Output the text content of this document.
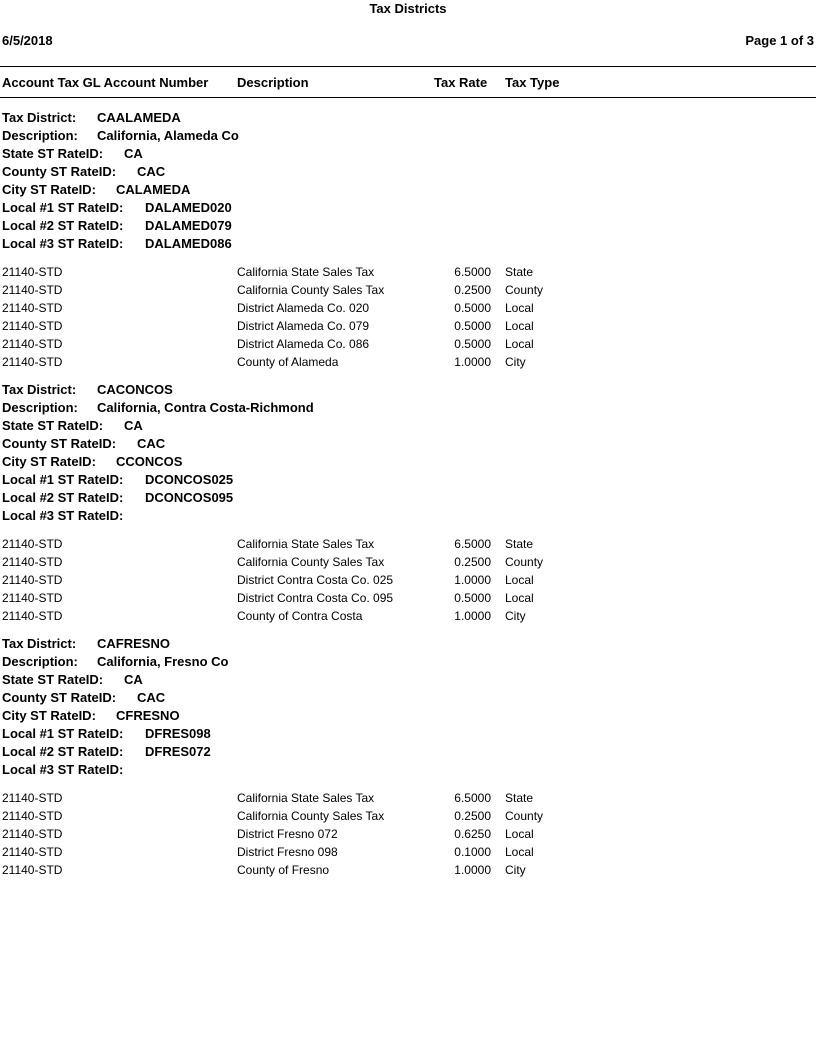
Tax Districts
6/5/2018	Page 1 of 3
Account Tax GL Account Number Description	Tax Rate Tax Type
Tax District: CAALAMEDA
Description: California, Alameda Co
State ST RateID: CA
County ST RateID: CAC
City ST RateID: CALAMEDA
Local #1 ST RateID: DALAMED020
Local #2 ST RateID: DALAMED079
Local #3 ST RateID: DALAMED086
21140-STD	California State Sales Tax	6.5000 State
21140-STD	California County Sales Tax	0.2500 County
21140-STD	District Alameda Co. 020	0.5000 Local
21140-STD	District Alameda Co. 079	0.5000 Local
21140-STD	District Alameda Co. 086	0.5000 Local
21140-STD	County of Alameda	1.0000 City
Tax District: CACONCOS
Description: California, Contra Costa-Richmond
State ST RateID: CA
County ST RateID: CAC
City ST RateID: CCONCOS
Local #1 ST RateID: DCONCOS025
Local #2 ST RateID: DCONCOS095
Local #3 ST RateID:
21140-STD	California State Sales Tax	6.5000 State
21140-STD	California County Sales Tax	0.2500 County
21140-STD	District Contra Costa Co. 025	1.0000 Local
21140-STD	District Contra Costa Co. 095	0.5000 Local
21140-STD	County of Contra Costa	1.0000 City
Tax District: CAFRESNO
Description: California, Fresno Co
State ST RateID: CA
County ST RateID: CAC
City ST RateID: CFRESNO
Local #1 ST RateID: DFRES098
Local #2 ST RateID: DFRES072
Local #3 ST RateID:
21140-STD	California State Sales Tax	6.5000 State
21140-STD	California County Sales Tax	0.2500 County
21140-STD	District Fresno 072	0.6250 Local
21140-STD	District Fresno 098	0.1000 Local
21140-STD	County of Fresno	1.0000 City
